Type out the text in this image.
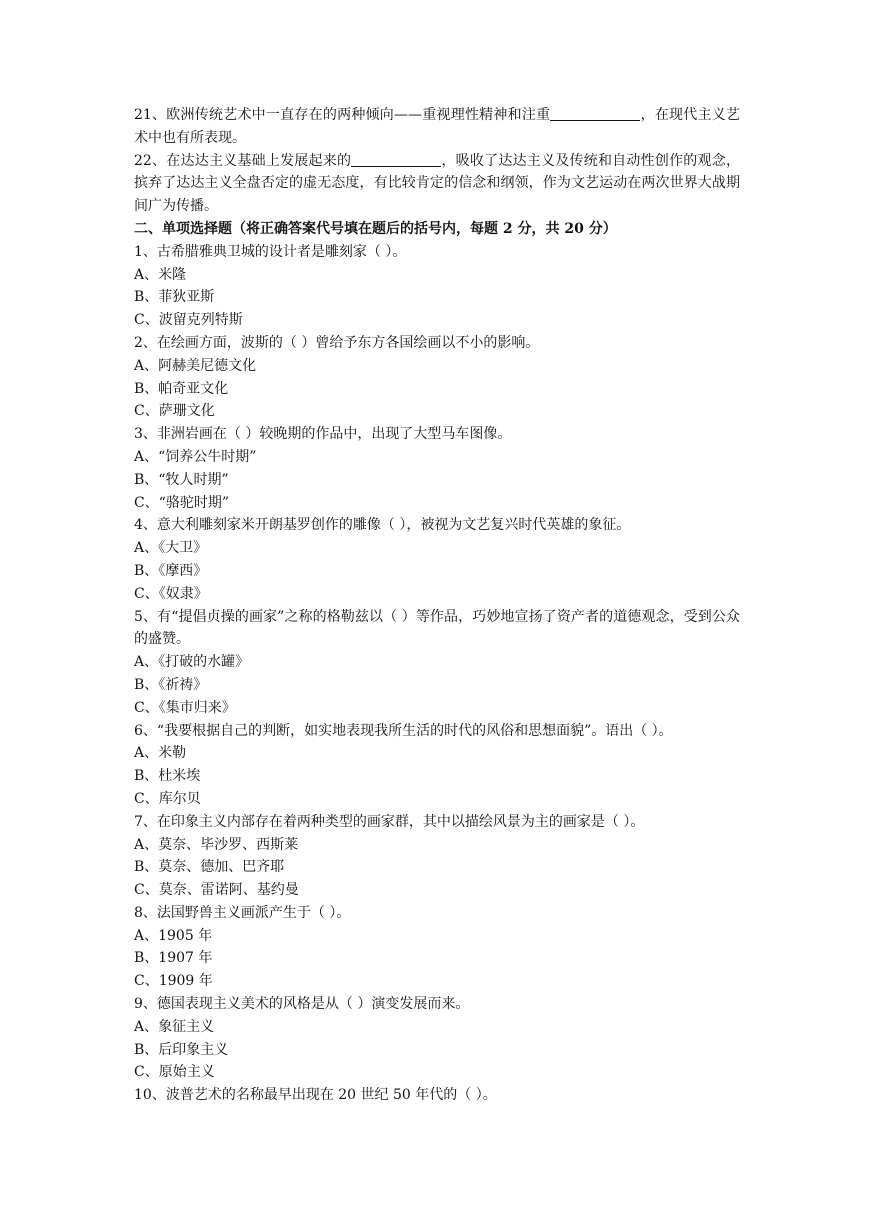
21、欧洲传统艺术中一直存在的两种倾向——重视理性精神和注重	，在现代主义艺术中也有所表现。
22、在达达主义基础上发展起来的	，吸收了达达主义及传统和自动性创作的观念，摈弃了达达主义全盘否定的虚无态度，有比较肯定的信念和纲领，作为文艺运动在两次世界大战期间广为传播。
二、单项选择题（将正确答案代号填在题后的括号内，每题 2 分，共 20 分）
1、古希腊雅典卫城的设计者是雕刻家（ ）。
A、米隆
B、菲狄亚斯
C、波留克列特斯
2、在绘画方面，波斯的（ ）曾给予东方各国绘画以不小的影响。
A、阿赫美尼德文化
B、帕奇亚文化
C、萨珊文化
3、非洲岩画在（ ）较晚期的作品中，出现了大型马车图像。
A、“饲养公牛时期”
B、“牧人时期”
C、“骆驼时期”
4、意大利雕刻家米开朗基罗创作的雕像（ ），被视为文艺复兴时代英雄的象征。
A、《大卫》
B、《摩西》
C、《奴隶》
5、有“提倡贞操的画家”之称的格勒兹以（ ）等作品，巧妙地宣扬了资产者的道德观念，受到公众的盛赞。
A、《打破的水罐》
B、《祈祷》
C、《集市归来》
6、“我要根据自己的判断，如实地表现我所生活的时代的风俗和思想面貌”。语出（ ）。
A、米勒
B、杜米埃
C、库尔贝
7、在印象主义内部存在着两种类型的画家群，其中以描绘风景为主的画家是（ ）。
A、莫奈、毕沙罗、西斯莱
B、莫奈、德加、巴齐耶
C、莫奈、雷诺阿、基约曼
8、法国野兽主义画派产生于（ ）。
A、1905 年
B、1907 年
C、1909 年
9、德国表现主义美术的风格是从（ ）演变发展而来。
A、象征主义
B、后印象主义
C、原始主义
10、波普艺术的名称最早出现在 20 世纪 50 年代的（ ）。
